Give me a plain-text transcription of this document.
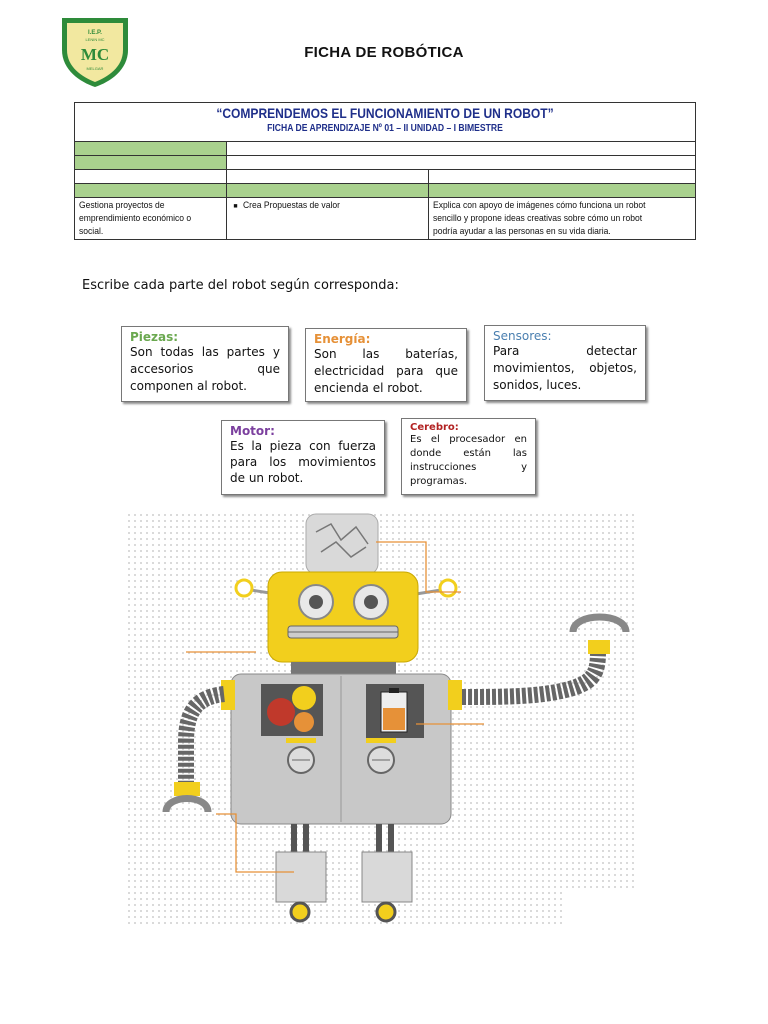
I.E.P.
LENIN MC
MC
MELGAR
FICHA DE ROBÓTICA
“COMPRENDEMOS EL FUNCIONAMIENTO DE UN ROBOT”
FICHA DE APRENDIZAJE Nº 01 – II UNIDAD – I BIMESTRE		

Gestiona proyectos de emprendimiento económico o social.	■ Crea Propuestas de valor	Explica con apoyo de imágenes cómo funciona un robot sencillo y propone ideas creativas sobre cómo un robot podría ayudar a las personas en su vida diaria.
Escribe cada parte del robot según corresponda:
Piezas:
Son todas las partes y accesorios que componen al robot.
Energía:
Son las baterías, electricidad para que encienda el robot.
Sensores:
Para detectar movimientos, objetos, sonidos, luces.
Motor:
Es la pieza con fuerza para los movimientos de un robot.
Cerebro:
Es el procesador en donde están las instrucciones y programas.
